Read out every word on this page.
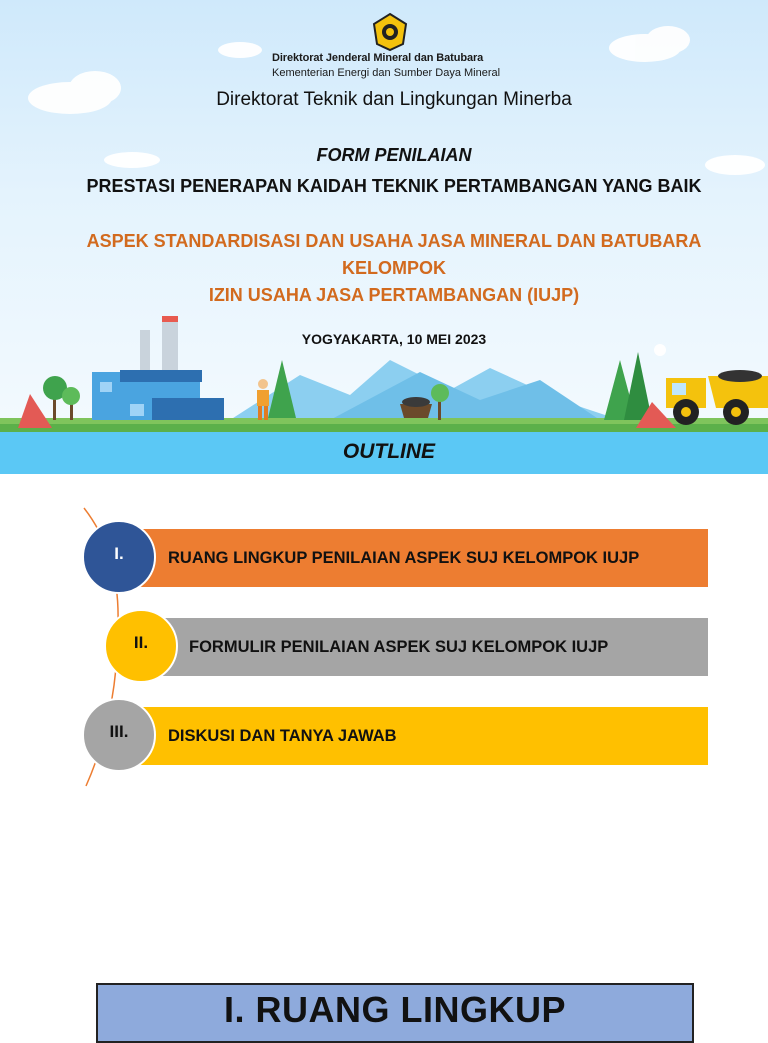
Direktorat Jenderal Mineral dan Batubara
Kementerian Energi dan Sumber Daya Mineral
Direktorat Teknik dan Lingkungan Minerba
FORM PENILAIAN
PRESTASI PENERAPAN KAIDAH TEKNIK PERTAMBANGAN YANG BAIK
ASPEK STANDARDISASI DAN USAHA JASA MINERAL DAN BATUBARA KELOMPOK
IZIN USAHA JASA PERTAMBANGAN (IUJP)
YOGYAKARTA, 10 MEI 2023
OUTLINE
RUANG LINGKUP PENILAIAN ASPEK SUJ KELOMPOK IUJP
I.
FORMULIR PENILAIAN ASPEK SUJ KELOMPOK IUJP
II.
DISKUSI DAN TANYA JAWAB
III.
I. RUANG LINGKUP
